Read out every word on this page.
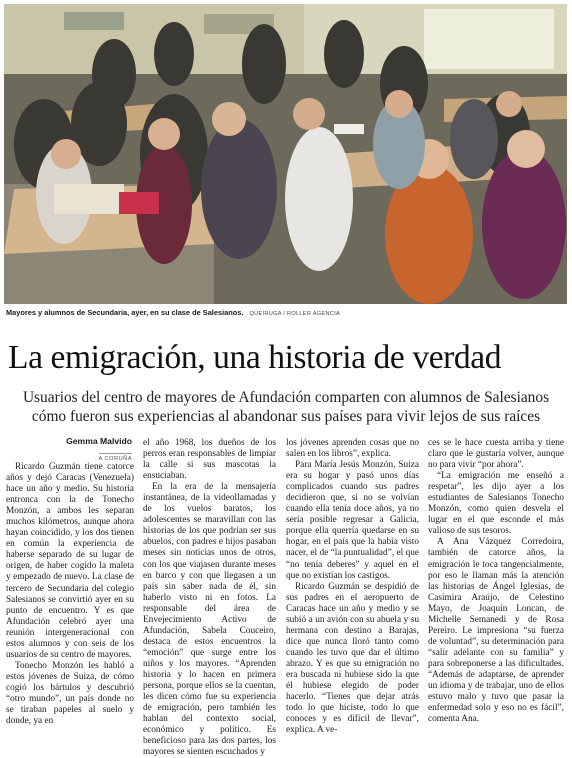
Mayores y alumnos de Secundaria, ayer, en su clase de Salesianos. QUEIRUGA / ROLLER AGENCIA
La emigración, una historia de verdad
Usuarios del centro de mayores de Afundación comparten con alumnos de Salesianos cómo fueron sus experiencias al abandonar sus países para vivir lejos de sus raíces
Gemma Malvido
A CORUÑA

Ricardo Guzmán tiene catorce años y dejó Caracas (Venezuela) hace un año y medio. Su historia entronca con la de Tonecho Monzón, a ambos les separan muchos kilómetros, aunque ahora hayan coincidido, y los dos tienen en común la experiencia de haberse separado de su lugar de origen, de haber cogido la maleta y empezado de nuevo. La clase de tercero de Secundaria del colegio Salesianos se convirtió ayer en su punto de encuentro. Y es que Afundación celebró ayer una reunión intergeneracional con estos alumnos y con seis de los usuarios de su centro de mayores.

Tonecho Monzón les habló a estos jóvenes de Suiza, de cómo cogió los bártulos y descubrió “otro mundo”, un país donde no se tiraban papeles al suelo y donde, ya en

el año 1968, los dueños de los perros eran responsables de limpiar la calle si sus mascotas la ensuciaban.

En la era de la mensajería instantánea, de la videollamadas y de los vuelos baratos, los adolescentes se maravillan con las historias de los que podrían ser sus abuelos, con padres e hijos pasaban meses sin noticias unos de otros, con los que viajasen durante meses en barco y con que llegasen a un país sin saber nada de él, sin haberlo visto ni en fotos. La responsable del área de Envejecimiento Activo de Afundación, Sabela Couceiro, destaca de estos encuentros la “emoción” que surge entre los niños y los mayores. “Aprenden historia y lo hacen en primera persona, porque ellos se la cuentan, les dicen cómo fue su experiencia de emigración, pero también les hablan del contexto social, económico y político. Es beneficioso para las dos partes, los mayores se sienten escuchados y

los jóvenes aprenden cosas que no salen en los libros”, explica.

Para María Jesús Monzón, Suiza era su hogar y pasó unos días complicados cuando sus padres decidieron que, si no se volvían cuando ella tenía doce años, ya no sería posible regresar a Galicia, porque ella querría quedarse en su hogar, en el país que la había visto nacer, el de “la puntualidad”, el que “no tenía deberes” y aquel en el que no existían los castigos.

Ricardo Guzmán se despidió de sus padres en el aeropuerto de Caracas hace un año y medio y se subió a un avión con su abuela y su hermana con destino a Barajas, dice que nunca lloró tanto como cuando les tuvo que dar el último abrazo. Y es que su emigración no era buscada ni hubiese sido la que él hubiese elegido de poder hacerlo. “Tienes que dejar atrás todo lo que hiciste, todo lo que conoces y es difícil de llevar”, explica. A ve-

ces se le hace cuesta arriba y tiene claro que le gustaría volver, aunque no para vivir “por ahora”.

“La emigración me enseñó a respetar”, les dijo ayer a los estudiantes de Salesianos Tonecho Monzón, como quien desvela el lugar en el que esconde el más valioso de sus tesoros.

A Ana Vázquez Corredoira, también de catorce años, la emigración le toca tangencialmente, por eso le llaman más la atención las historias de Ángel Iglesias, de Casimira Araújo, de Celestino Mayo, de Joaquín Loncan, de Michelle Semanedi y de Rosa Pereiro. Le impresiona “su fuerza de voluntad”, su determinación para “salir adelante con su familia” y para sobreponerse a las dificultades. “Además de adaptarse, de aprender un idioma y de trabajar, uno de ellos estuvo malo y tuvo que pasar la enfermedad solo y eso no es fácil”, comenta Ana.
